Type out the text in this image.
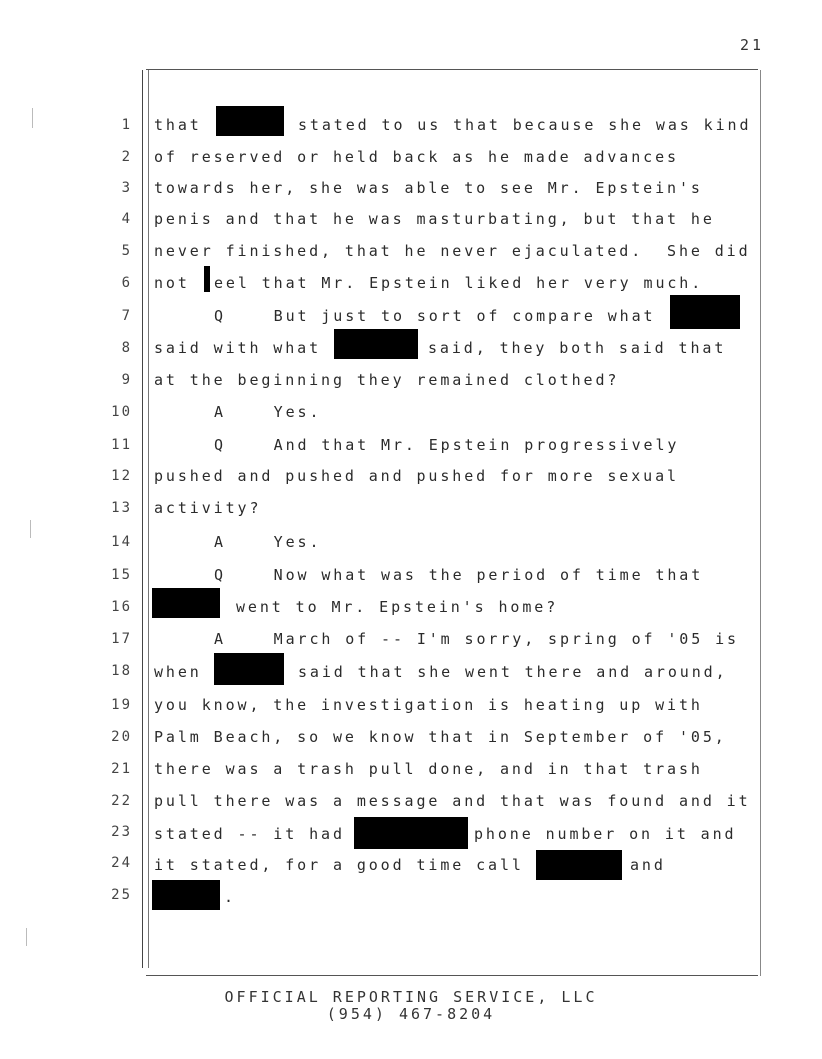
21
1

that

	stated to us that because she was kind

2

of reserved or held back as he made advances

3

towards her, she was able to see Mr. Epstein's

4

penis and that he was masturbating, but that he

5

never finished, that he never ejaculated.  She did

6

not

eel that Mr. Epstein liked her very much.

7

	Q    But just to sort of compare what

8

said with what

	said, they both said that

9

at the beginning they remained clothed?

10

	A    Yes.

11

	Q    And that Mr. Epstein progressively

12

pushed and pushed and pushed for more sexual

13

activity?

14

	A    Yes.

15

	Q    Now what was the period of time that

16

	went to Mr. Epstein's home?

17

	A    March of -- I'm sorry, spring of '05 is

18

when

	said that she went there and around,

19

you know, the investigation is heating up with

20

Palm Beach, so we know that in September of '05,

21

there was a trash pull done, and in that trash

22

pull there was a message and that was found and it

23

stated -- it had

	phone number on it and

24

it stated, for a good time call

	and

25

	.

OFFICIAL REPORTING SERVICE, LLC
(954) 467-8204
